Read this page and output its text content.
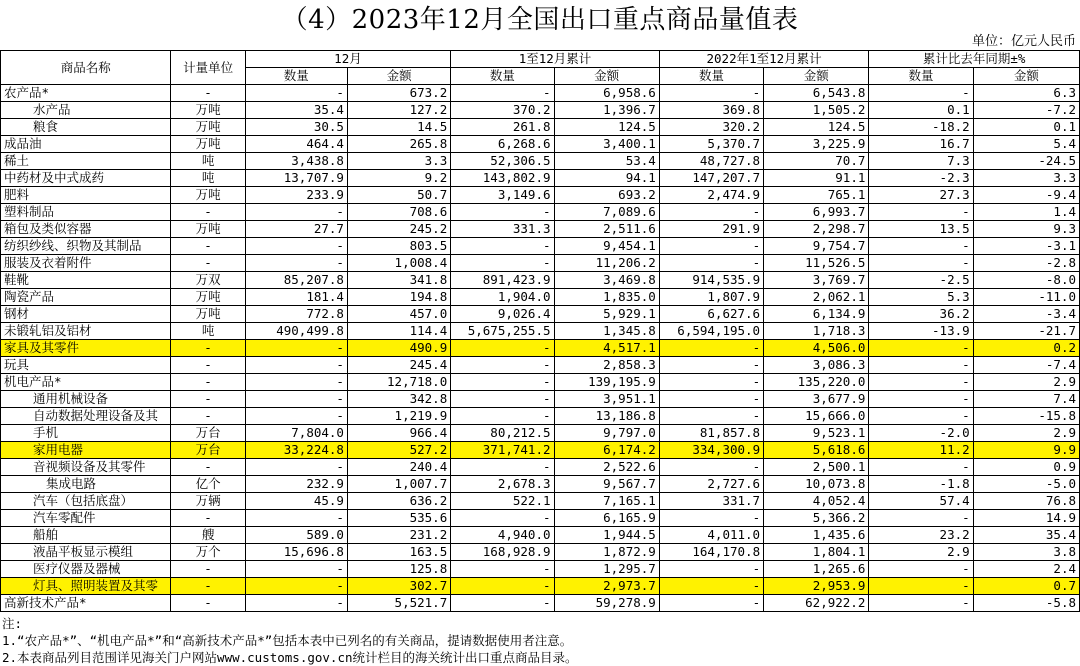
（4）2023年12月全国出口重点商品量值表
单位：亿元人民币
商品名称	计量单位	12月		1至12月累计		2022年1至12月累计		累计比去年同期±%	
		数量	金额	数量	金额	数量	金额	数量	金额
农产品*	-	-	673.2	-	6,958.6	-	6,543.8	-	6.3
水产品	万吨	35.4	127.2	370.2	1,396.7	369.8	1,505.2	0.1	-7.2
粮食	万吨	30.5	14.5	261.8	124.5	320.2	124.5	-18.2	0.1
成品油	万吨	464.4	265.8	6,268.6	3,400.1	5,370.7	3,225.9	16.7	5.4
稀土	吨	3,438.8	3.3	52,306.5	53.4	48,727.8	70.7	7.3	-24.5
中药材及中式成药	吨	13,707.9	9.2	143,802.9	94.1	147,207.7	91.1	-2.3	3.3
肥料	万吨	233.9	50.7	3,149.6	693.2	2,474.9	765.1	27.3	-9.4
塑料制品	-	-	708.6	-	7,089.6	-	6,993.7	-	1.4
箱包及类似容器	万吨	27.7	245.2	331.3	2,511.6	291.9	2,298.7	13.5	9.3
纺织纱线、织物及其制品	-	-	803.5	-	9,454.1	-	9,754.7	-	-3.1
服装及衣着附件	-	-	1,008.4	-	11,206.2	-	11,526.5	-	-2.8
鞋靴	万双	85,207.8	341.8	891,423.9	3,469.8	914,535.9	3,769.7	-2.5	-8.0
陶瓷产品	万吨	181.4	194.8	1,904.0	1,835.0	1,807.9	2,062.1	5.3	-11.0
钢材	万吨	772.8	457.0	9,026.4	5,929.1	6,627.6	6,134.9	36.2	-3.4
未锻轧铝及铝材	吨	490,499.8	114.4	5,675,255.5	1,345.8	6,594,195.0	1,718.3	-13.9	-21.7
家具及其零件	-	-	490.9	-	4,517.1	-	4,506.0	-	0.2
玩具	-	-	245.4	-	2,858.3	-	3,086.3	-	-7.4
机电产品*	-	-	12,718.0	-	139,195.9	-	135,220.0	-	2.9
通用机械设备	-	-	342.8	-	3,951.1	-	3,677.9	-	7.4
自动数据处理设备及其	-	-	1,219.9	-	13,186.8	-	15,666.0	-	-15.8
手机	万台	7,804.0	966.4	80,212.5	9,797.0	81,857.8	9,523.1	-2.0	2.9
家用电器	万台	33,224.8	527.2	371,741.2	6,174.2	334,300.9	5,618.6	11.2	9.9
音视频设备及其零件	-	-	240.4	-	2,522.6	-	2,500.1	-	0.9
集成电路	亿个	232.9	1,007.7	2,678.3	9,567.7	2,727.6	10,073.8	-1.8	-5.0
汽车（包括底盘）	万辆	45.9	636.2	522.1	7,165.1	331.7	4,052.4	57.4	76.8
汽车零配件	-	-	535.6	-	6,165.9	-	5,366.2	-	14.9
船舶	艘	589.0	231.2	4,940.0	1,944.5	4,011.0	1,435.6	23.2	35.4
液晶平板显示模组	万个	15,696.8	163.5	168,928.9	1,872.9	164,170.8	1,804.1	2.9	3.8
医疗仪器及器械	-	-	125.8	-	1,295.7	-	1,265.6	-	2.4
灯具、照明装置及其零	-	-	302.7	-	2,973.7	-	2,953.9	-	0.7
高新技术产品*	-	-	5,521.7	-	59,278.9	-	62,922.2	-	-5.8
注:
1.“农产品*”、“机电产品*”和“高新技术产品*”包括本表中已列名的有关商品，提请数据使用者注意。
2.本表商品列目范围详见海关门户网站www.customs.gov.cn统计栏目的海关统计出口重点商品目录。
